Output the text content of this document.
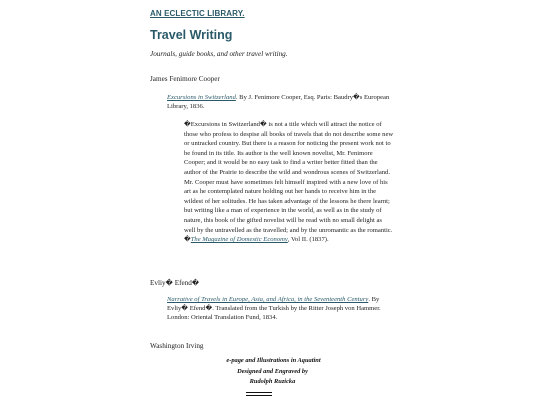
AN ECLECTIC LIBRARY.
Travel Writing
Journals, guide books, and other travel writing.
James Fenimore Cooper
Excursions in Switzerland. By J. Fenimore Cooper, Esq. Paris: Baudry�s European Library, 1836.
�Excursions in Switzerland� is not a title which will attract the notice of those who profess to despise all books of travels that do not describe some new or untracked country. But there is a reason for noticing the present work not to be found in its title. Its author is the well known novelist, Mr. Fenimore Cooper; and it would be no easy task to find a writer better fitted than the author of the Prairie to describe the wild and wondrous scenes of Switzerland. Mr. Cooper must have sometimes felt himself inspired with a new love of his art as he contemplated nature holding out her hands to receive him in the wildest of her solitudes. He has taken advantage of the lessons he there learnt; but writing like a man of experience in the world, as well as in the study of nature, this book of the gifted novelist will be read with no small delight as well by the untravelled as the travelled; and by the unromantic as the romantic. �The Magazine of Domestic Economy, Vol II. (1837).
Evliy� Efend�
Narrative of Travels in Europe, Asia, and Africa, in the Seventeenth Century. By Evliy� Efend�. Translated from the Turkish by the Ritter Joseph von Hammer. London: Oriental Translation Fund, 1834.
Washington Irving
e-page and Illustrations in Aquatint
Designed and Engraved by
Rudolph Ruzicka
